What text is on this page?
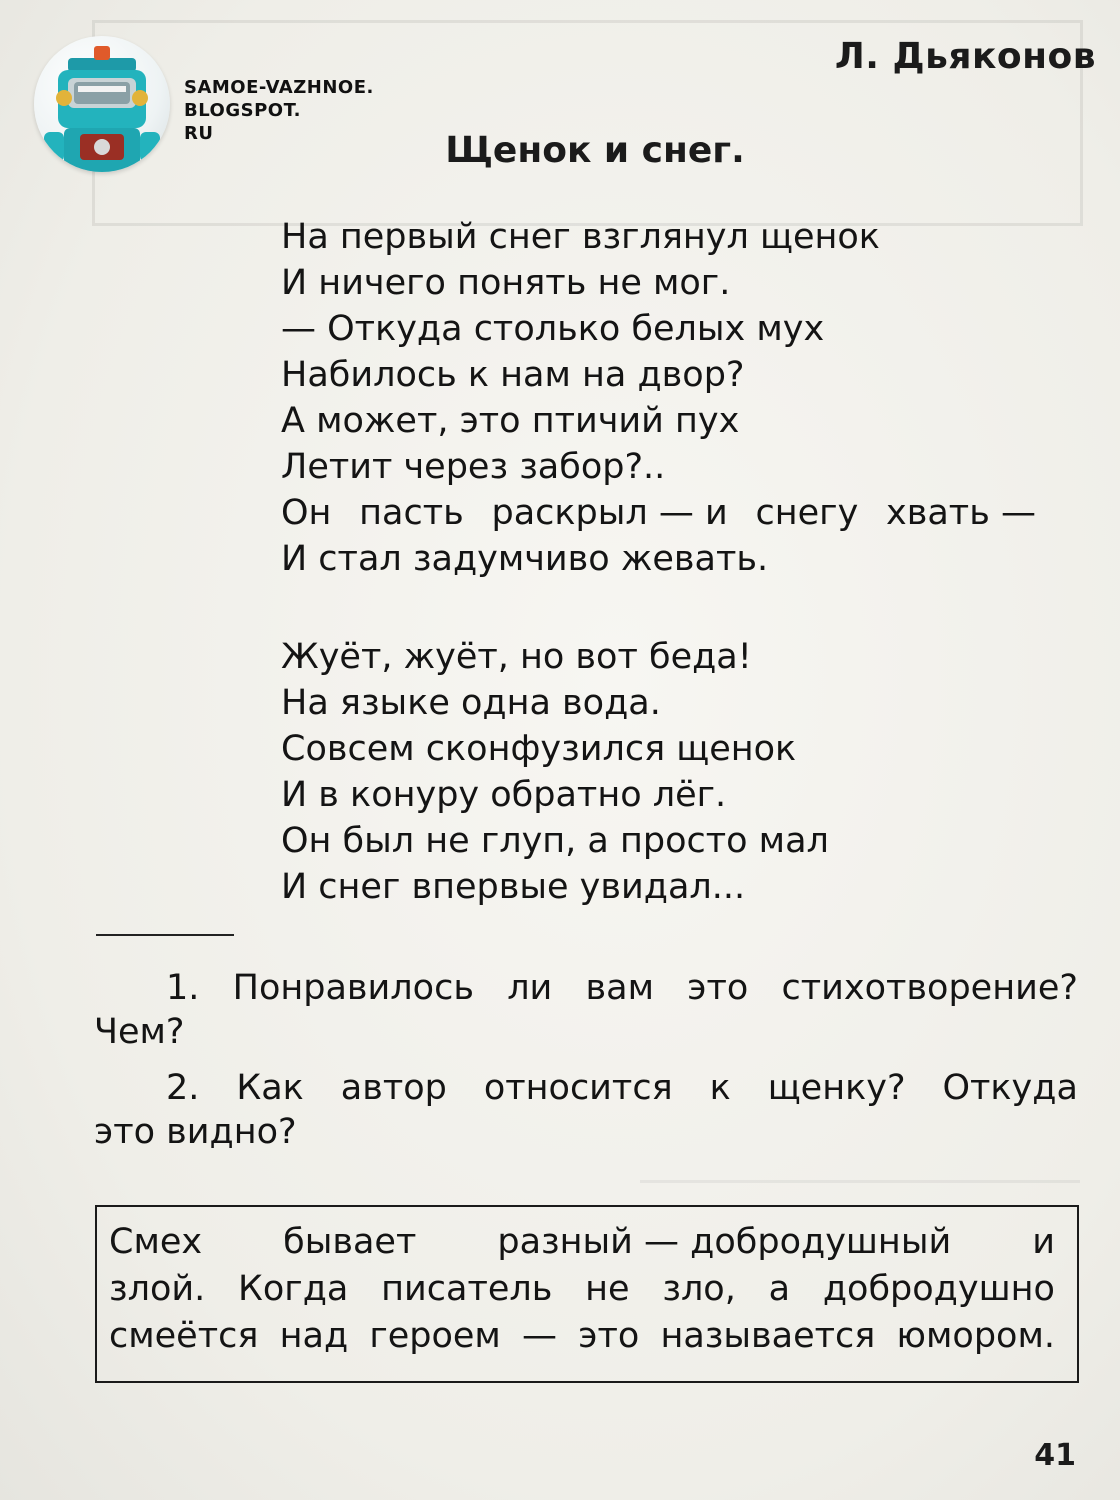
SAMOE-VAZHNOE.
BLOGSPOT.
RU
Л. Дьяконов
Щенок и снег.
На первый снег взглянул щенок
И ничего понять не мог.
— Откуда столько белых мух
Набилось к нам на двор?
А может, это птичий пух
Летит через забор?..
Он пасть раскрыл — и снегу хвать —
И стал задумчиво жевать.
Жуёт, жуёт, но вот беда!
На языке одна вода.
Совсем сконфузился щенок
И в конуру обратно лёг.
Он был не глуп, а просто мал
И снег впервые увидал...
1. Понравилось ли вам это стихотворение?
Чем?
2. Как автор относится к щенку? Откуда
это видно?
Смех бывает разный — добродушный и
злой. Когда писатель не зло, а добродушно
смеётся над героем — это называется юмором.
41
